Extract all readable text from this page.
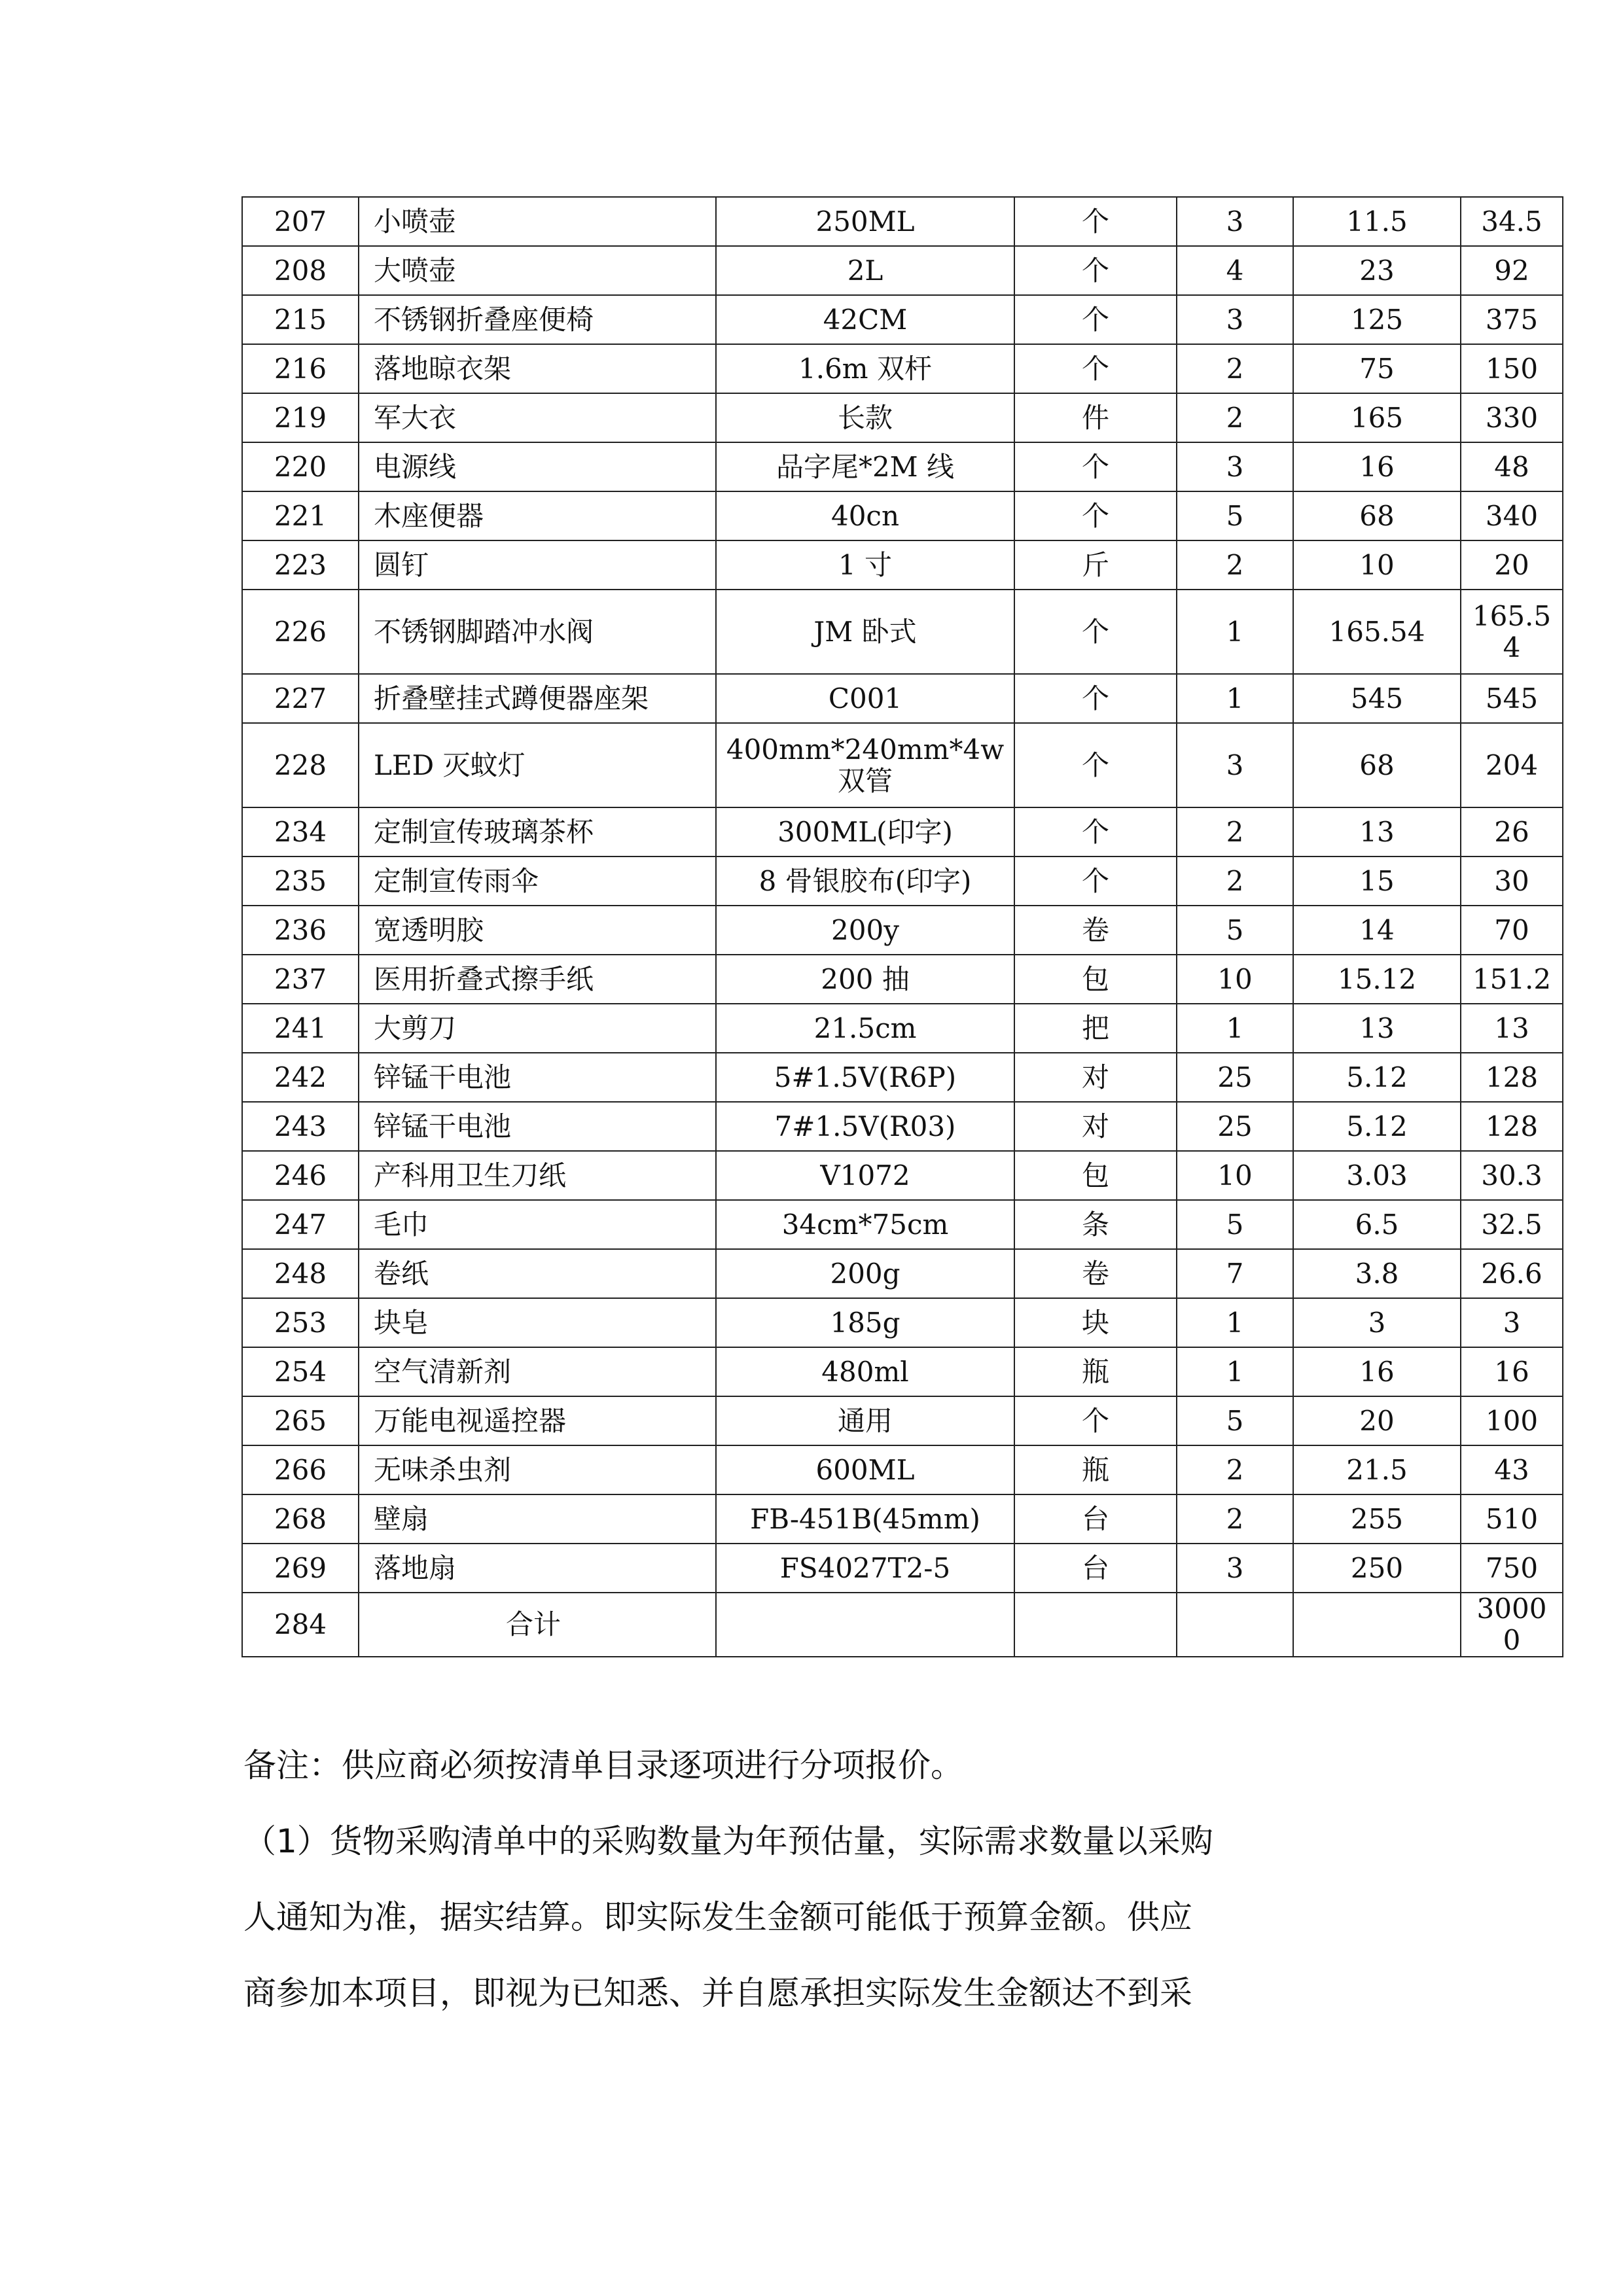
207	小喷壶	250ML	个	3	11.5	34.5
208	大喷壶	2L	个	4	23	92
215	不锈钢折叠座便椅	42CM	个	3	125	375
216	落地晾衣架	1.6m 双杆	个	2	75	150
219	军大衣	长款	件	2	165	330
220	电源线	品字尾*2M 线	个	3	16	48
221	木座便器	40cn	个	5	68	340
223	圆钉	1 寸	斤	2	10	20
226	不锈钢脚踏冲水阀	JM 卧式	个	1	165.54	165.54
227	折叠壁挂式蹲便器座架	C001	个	1	545	545
228	LED 灭蚊灯	400mm*240mm*4w 双管	个	3	68	204
234	定制宣传玻璃茶杯	300ML(印字)	个	2	13	26
235	定制宣传雨伞	8 骨银胶布(印字)	个	2	15	30
236	宽透明胶	200y	卷	5	14	70
237	医用折叠式擦手纸	200 抽	包	10	15.12	151.2
241	大剪刀	21.5cm	把	1	13	13
242	锌锰干电池	5#1.5V(R6P)	对	25	5.12	128
243	锌锰干电池	7#1.5V(R03)	对	25	5.12	128
246	产科用卫生刀纸	V1072	包	10	3.03	30.3
247	毛巾	34cm*75cm	条	5	6.5	32.5
248	卷纸	200g	卷	7	3.8	26.6
253	块皂	185g	块	1	3	3
254	空气清新剂	480ml	瓶	1	16	16
265	万能电视遥控器	通用	个	5	20	100
266	无味杀虫剂	600ML	瓶	2	21.5	43
268	壁扇	FB-451B(45mm)	台	2	255	510
269	落地扇	FS4027T2-5	台	3	250	750
284	合计					30000

备注：供应商必须按清单目录逐项进行分项报价。

（1）货物采购清单中的采购数量为年预估量，实际需求数量以采购

人通知为准，据实结算。即实际发生金额可能低于预算金额。供应

商参加本项目，即视为已知悉、并自愿承担实际发生金额达不到采
